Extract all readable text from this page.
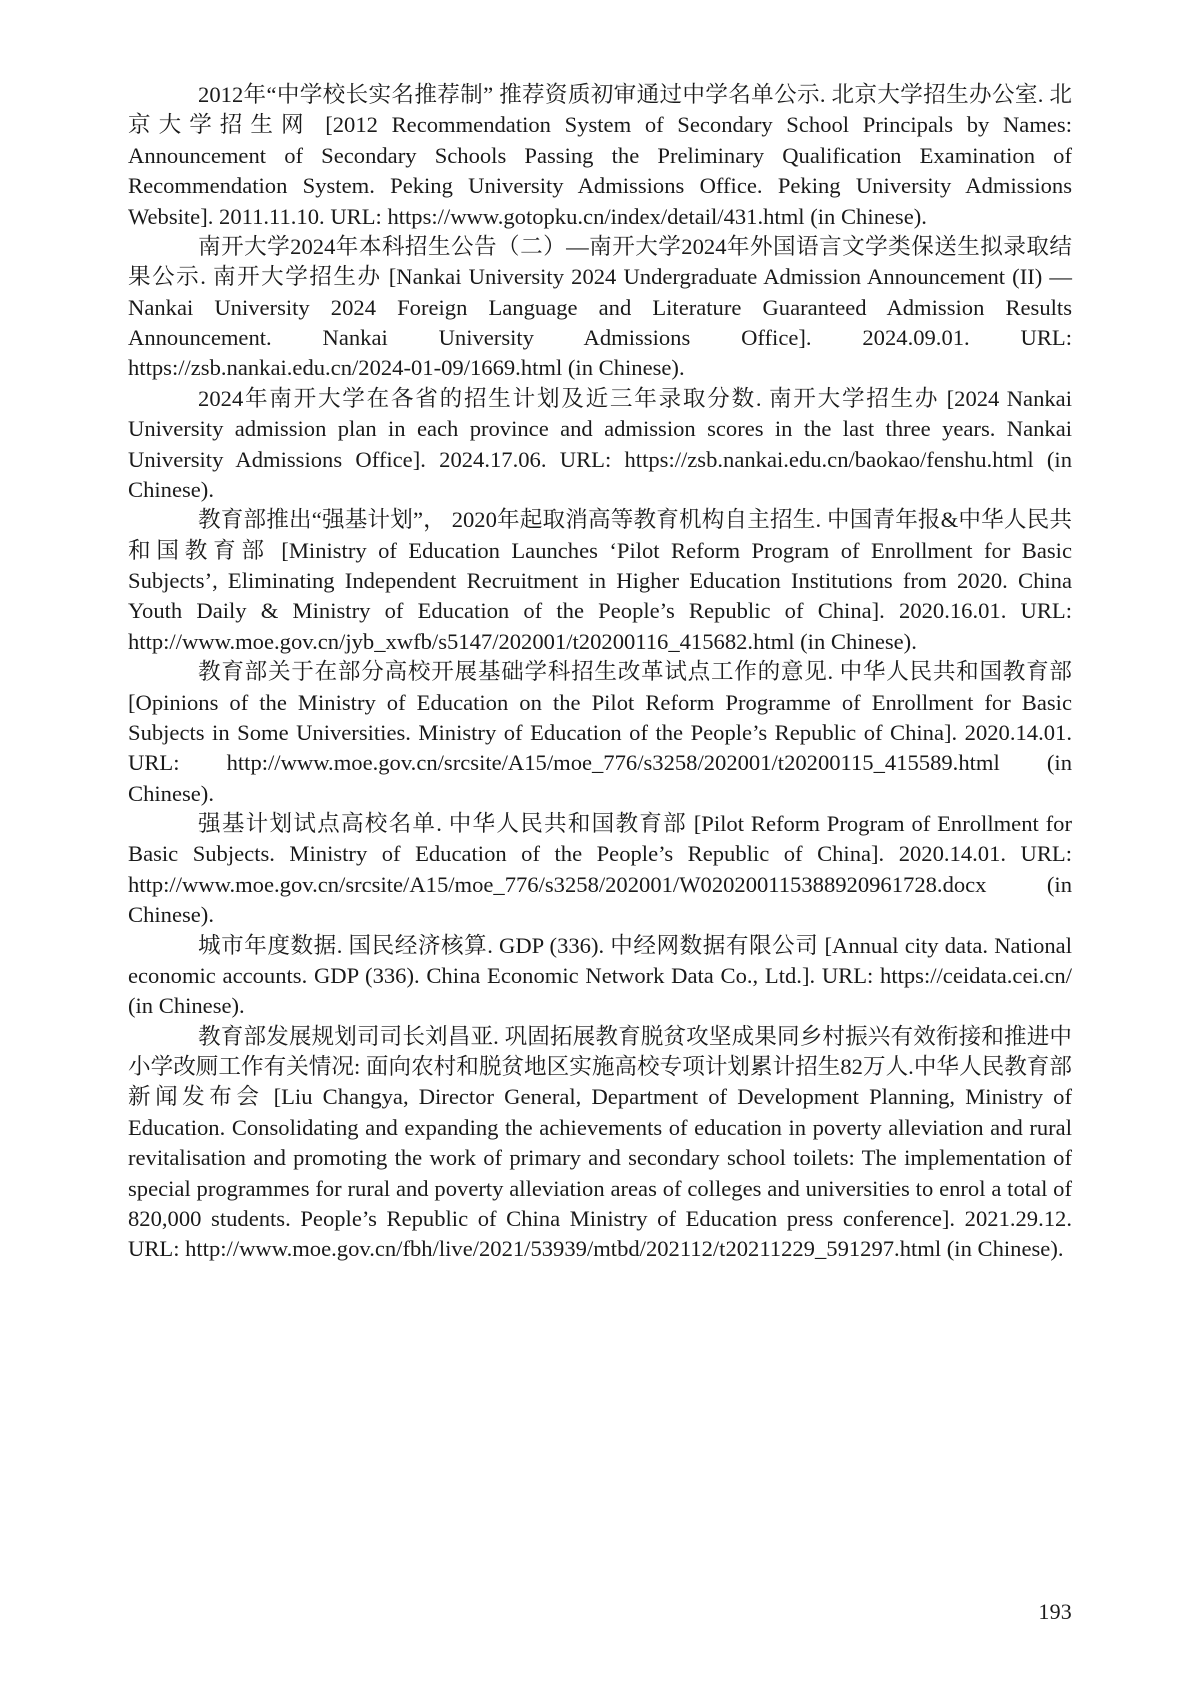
2012年“中学校长实名推荐制” 推荐资质初审通过中学名单公示. 北京大学招生办公室. 北京大学招生网 [2012 Recommendation System of Secondary School Principals by Names: Announcement of Secondary Schools Passing the Preliminary Qualification Examination of Recommendation System. Peking University Admissions Office. Peking University Admissions Website]. 2011.11.10. URL: https://www.gotopku.cn/index/detail/431.html (in Chinese).

南开大学2024年本科招生公告（二）—南开大学2024年外国语言文学类保送生拟录取结果公示. 南开大学招生办 [Nankai University 2024 Undergraduate Admission Announcement (II) — Nankai University 2024 Foreign Language and Literature Guaranteed Admission Results Announcement. Nankai University Admissions Office]. 2024.09.01. URL: https://zsb.nankai.edu.cn/2024-01-09/1669.html (in Chinese).

2024年南开大学在各省的招生计划及近三年录取分数. 南开大学招生办 [2024 Nankai University admission plan in each province and admission scores in the last three years. Nankai University Admissions Office]. 2024.17.06. URL: https://zsb.nankai.edu.cn/baokao/fenshu.html (in Chinese).

教育部推出“强基计划”， 2020年起取消高等教育机构自主招生. 中国青年报&中华人民共和国教育部 [Ministry of Education Launches ‘Pilot Reform Program of Enrollment for Basic Subjects’, Eliminating Independent Recruitment in Higher Education Institutions from 2020. China Youth Daily & Ministry of Education of the People’s Republic of China]. 2020.16.01. URL: http://www.moe.gov.cn/jyb_xwfb/s5147/202001/t20200116_415682.html (in Chinese).

教育部关于在部分高校开展基础学科招生改革试点工作的意见. 中华人民共和国教育部 [Opinions of the Ministry of Education on the Pilot Reform Programme of Enrollment for Basic Subjects in Some Universities. Ministry of Education of the People’s Republic of China]. 2020.14.01. URL: http://www.moe.gov.cn/srcsite/A15/moe_776/s3258/202001/t20200115_415589.html (in Chinese).

强基计划试点高校名单. 中华人民共和国教育部 [Pilot Reform Program of Enrollment for Basic Subjects. Ministry of Education of the People’s Republic of China]. 2020.14.01. URL: http://www.moe.gov.cn/srcsite/A15/moe_776/s3258/202001/W020200115388920961728.docx (in Chinese).

城市年度数据. 国民经济核算. GDP (336). 中经网数据有限公司 [Annual city data. National economic accounts. GDP (336). China Economic Network Data Co., Ltd.]. URL: https://ceidata.cei.cn/ (in Chinese).

教育部发展规划司司长刘昌亚. 巩固拓展教育脱贫攻坚成果同乡村振兴有效衔接和推进中小学改厕工作有关情况: 面向农村和脱贫地区实施高校专项计划累计招生82万人.中华人民教育部新闻发布会 [Liu Changya, Director General, Department of Development Planning, Ministry of Education. Consolidating and expanding the achievements of education in poverty alleviation and rural revitalisation and promoting the work of primary and secondary school toilets: The implementation of special programmes for rural and poverty alleviation areas of colleges and universities to enrol a total of 820,000 students. People’s Republic of China Ministry of Education press conference]. 2021.29.12. URL: http://www.moe.gov.cn/fbh/live/2021/53939/mtbd/202112/t20211229_591297.html (in Chinese).

193
